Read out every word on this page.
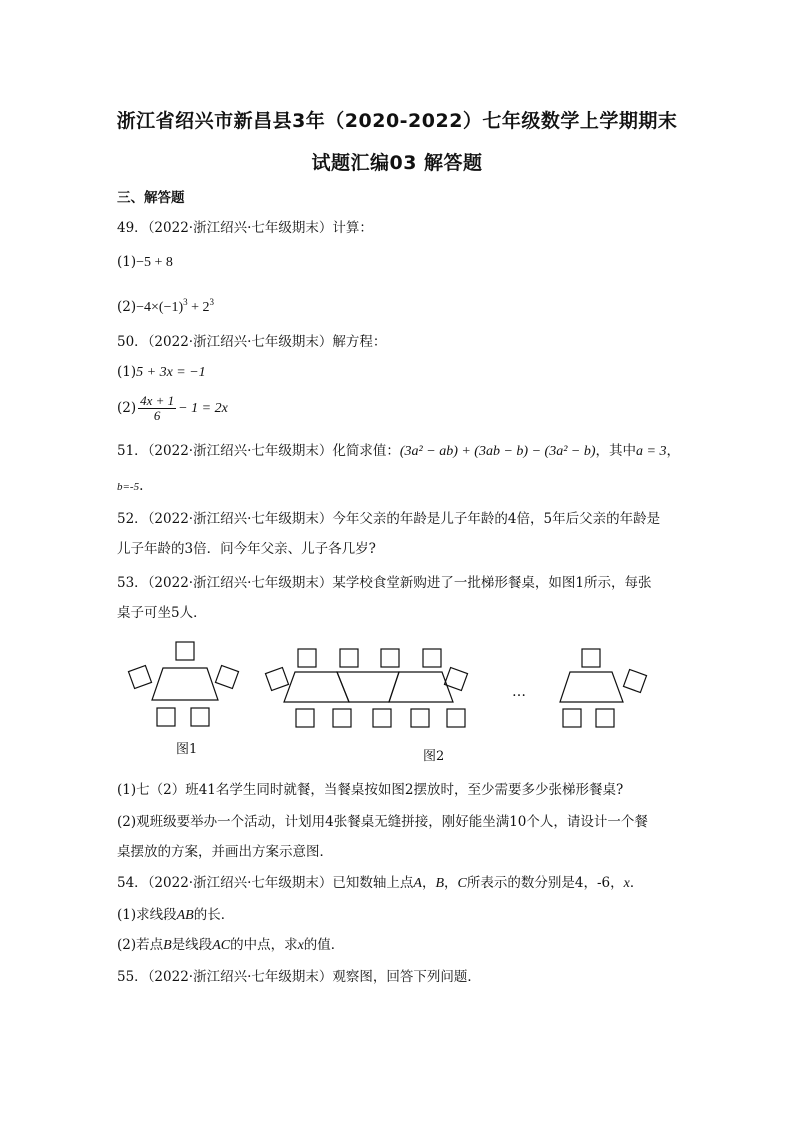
浙江省绍兴市新昌县3年（2020-2022）七年级数学上学期期末
试题汇编03 解答题
三、解答题
49．（2022·浙江绍兴·七年级期末）计算：
(1)−5 + 8
$(2)-4\times(-1)^3 + 2^3$
50．（2022·浙江绍兴·七年级期末）解方程：
(1)5 + 3x = −1
$(2) \frac{4x + 1}{6} - 1 = 2x$
51．（2022·浙江绍兴·七年级期末）化简求值：(3a² − ab) + (3ab − b) − (3a² − b)，其中a = 3，
b=-5.
52．（2022·浙江绍兴·七年级期末）今年父亲的年龄是儿子年龄的4倍，5年后父亲的年龄是
儿子年龄的3倍．问今年父亲、儿子各几岁?
53．（2022·浙江绍兴·七年级期末）某学校食堂新购进了一批梯形餐桌，如图1所示，每张
桌子可坐5人．
图1	图2
…
(1)七（2）班41名学生同时就餐，当餐桌按如图2摆放时，至少需要多少张梯形餐桌?
(2)观班级要举办一个活动，计划用4张餐桌无缝拼接，刚好能坐满10个人，请设计一个餐
桌摆放的方案，并画出方案示意图．
54．（2022·浙江绍兴·七年级期末）已知数轴上点A，B，C所表示的数分别是4，-6，x．
(1)求线段AB的长．
(2)若点B是线段AC的中点，求x的值．
55．（2022·浙江绍兴·七年级期末）观察图，回答下列问题．
